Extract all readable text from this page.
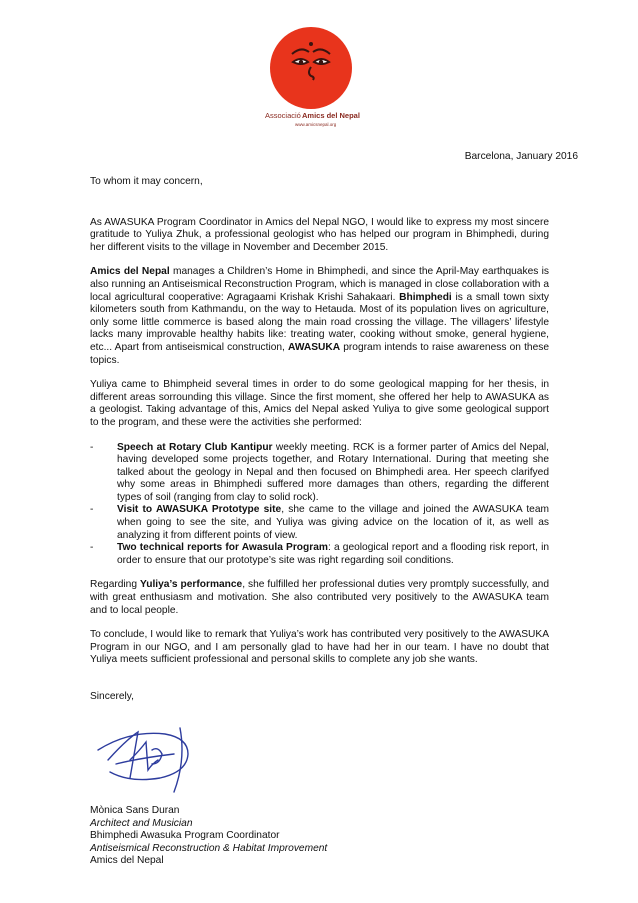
Associació Amics del Nepal
www.amicsnepal.org
Barcelona, January 2016

To whom it may concern,

As AWASUKA Program Coordinator in Amics del Nepal NGO, I would like to express my most sincere gratitude to Yuliya Zhuk, a professional geologist who has helped our program in Bhimphedi, during her different visits to the village in November and December 2015.

Amics del Nepal manages a Children’s Home in Bhimphedi, and since the April-May earthquakes is also running an Antiseismical Reconstruction Program, which is managed in close collaboration with a local agricultural cooperative: Agragaami Krishak Krishi Sahakaari. Bhimphedi is a small town sixty kilometers south from Kathmandu, on the way to Hetauda. Most of its population lives on agriculture, only some little commerce is based along the main road crossing the village. The villagers’ lifestyle lacks many improvable healthy habits like: treating water, cooking without smoke, general hygiene, etc... Apart from antiseismical construction, AWASUKA program intends to raise awareness on these topics.

Yuliya came to Bhimpheid several times in order to do some geological mapping for her thesis, in different areas sorrounding this village. Since the first moment, she offered her help to AWASUKA as a geologist. Taking advantage of this, Amics del Nepal asked Yuliya to give some geological support to the program, and these were the activities she performed:

- Speech at Rotary Club Kantipur weekly meeting. RCK is a former parter of Amics del Nepal, having developed some projects together, and Rotary International. During that meeting she talked about the geology in Nepal and then focused on Bhimphedi area. Her speech clarifyed why some areas in Bhimphedi suffered more damages than others, regarding the different types of soil (ranging from clay to solid rock).
- Visit to AWASUKA Prototype site, she came to the village and joined the AWASUKA team when going to see the site, and Yuliya was giving advice on the location of it, as well as analyzing it from different points of view.
- Two technical reports for Awasula Program: a geological report and a flooding risk report, in order to ensure that our prototype’s site was right regarding soil conditions.

Regarding Yuliya’s performance, she fulfilled her professional duties very promtply successfully, and with great enthusiasm and motivation. She also contributed very positively to the AWASUKA team and to local people.

To conclude, I would like to remark that Yuliya’s work has contributed very positively to the AWASUKA Program in our NGO, and I am personally glad to have had her in our team. I have no doubt that Yuliya meets sufficient professional and personal skills to complete any job she wants.

Sincerely,

Mònica Sans Duran
Architect and Musician
Bhimphedi Awasuka Program Coordinator
Antiseismical Reconstruction & Habitat Improvement
Amics del Nepal
